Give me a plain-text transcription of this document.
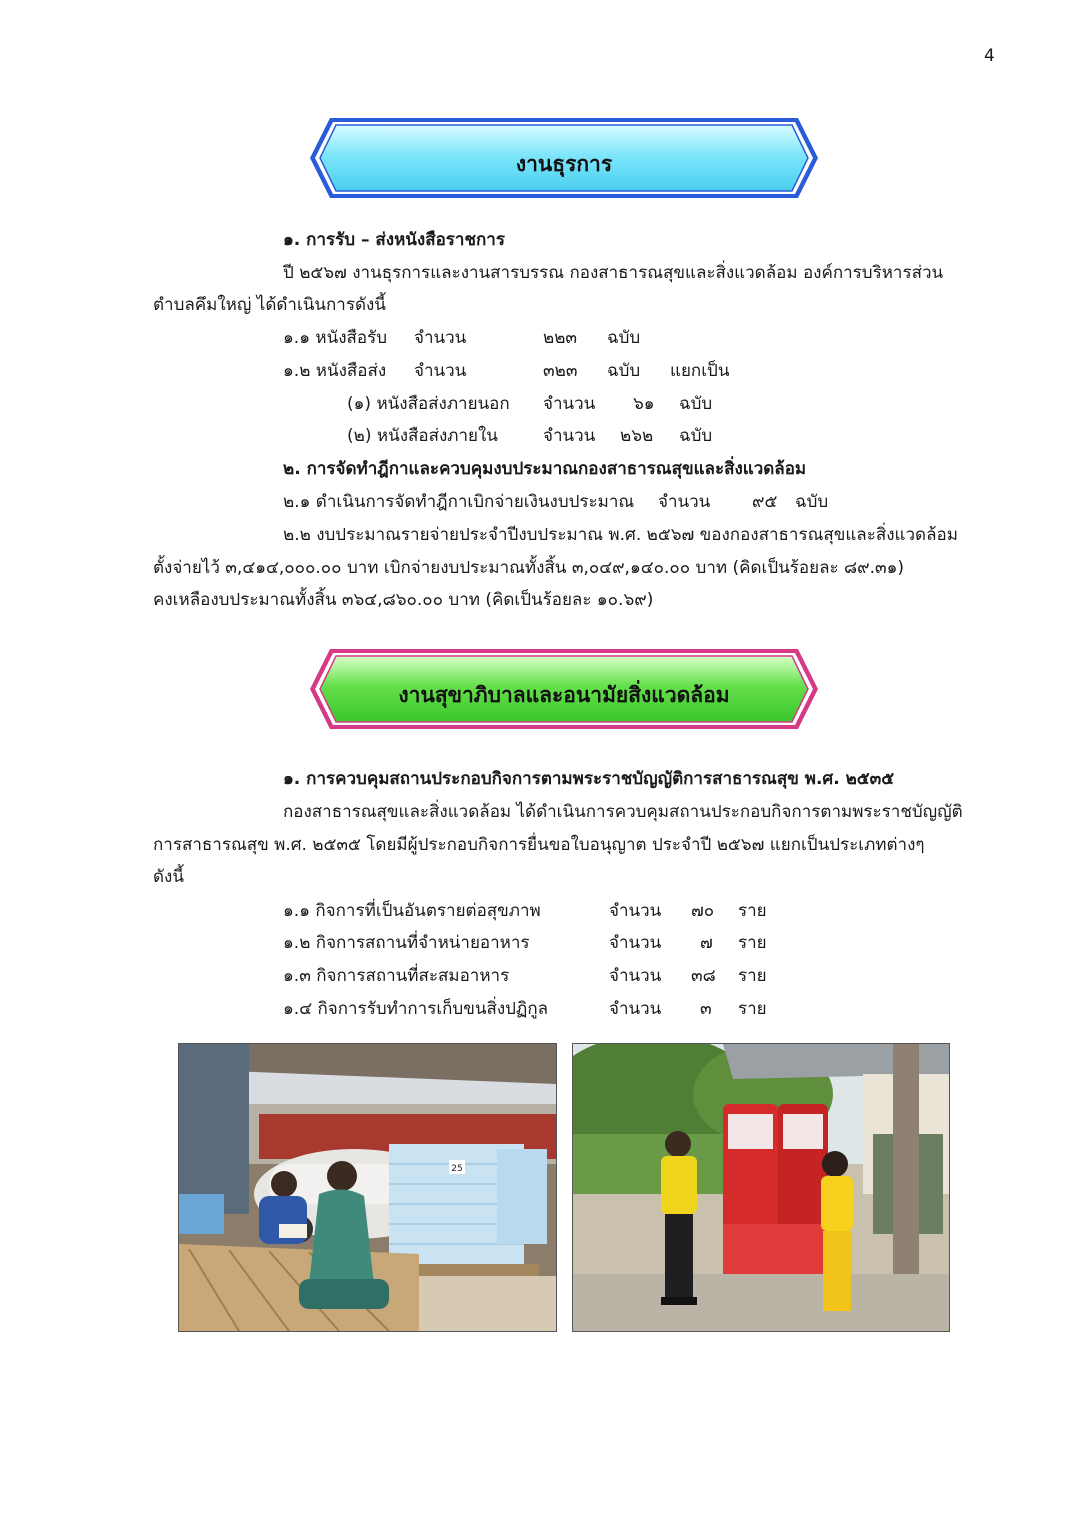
4
งานธุรการ
๑. การรับ – ส่งหนังสือราชการ
ปี ๒๕๖๗ งานธุรการและงานสารบรรณ กองสาธารณสุขและสิ่งแวดล้อม องค์การบริหารส่วน
ตำบลคึมใหญ่ ได้ดำเนินการดังนี้
๑.๑ หนังสือรับ จำนวน	๒๒๓ ฉบับ
๑.๒ หนังสือส่ง จำนวน	๓๒๓ ฉบับ แยกเป็น
(๑) หนังสือส่งภายนอก จำนวน ๖๑ ฉบับ
(๒) หนังสือส่งภายใน	จำนวน ๒๖๒ ฉบับ
๒. การจัดทำฎีกาและควบคุมงบประมาณกองสาธารณสุขและสิ่งแวดล้อม
๒.๑ ดำเนินการจัดทำฎีกาเบิกจ่ายเงินงบประมาณ จำนวน ๙๕ ฉบับ
๒.๒ งบประมาณรายจ่ายประจำปีงบประมาณ พ.ศ. ๒๕๖๗ ของกองสาธารณสุขและสิ่งแวดล้อม
ตั้งจ่ายไว้ ๓,๔๑๔,๐๐๐.๐๐ บาท เบิกจ่ายงบประมาณทั้งสิ้น ๓,๐๔๙,๑๔๐.๐๐ บาท (คิดเป็นร้อยละ ๘๙.๓๑)
คงเหลืองบประมาณทั้งสิ้น ๓๖๔,๘๖๐.๐๐ บาท (คิดเป็นร้อยละ ๑๐.๖๙)
งานสุขาภิบาลและอนามัยสิ่งแวดล้อม
๑. การควบคุมสถานประกอบกิจการตามพระราชบัญญัติการสาธารณสุข พ.ศ. ๒๕๓๕
กองสาธารณสุขและสิ่งแวดล้อม ได้ดำเนินการควบคุมสถานประกอบกิจการตามพระราชบัญญัติ
การสาธารณสุข พ.ศ. ๒๕๓๕ โดยมีผู้ประกอบกิจการยื่นขอใบอนุญาต ประจำปี ๒๕๖๗ แยกเป็นประเภทต่างๆ
ดังนี้
๑.๑ กิจการที่เป็นอันตรายต่อสุขภาพ	จำนวน ๗๐ ราย
๑.๒ กิจการสถานที่จำหน่ายอาหาร	จำนวน ๗ ราย
๑.๓ กิจการสถานที่สะสมอาหาร	จำนวน ๓๘ ราย
๑.๔ กิจการรับทำการเก็บขนสิ่งปฏิกูล	จำนวน ๓ ราย
25
